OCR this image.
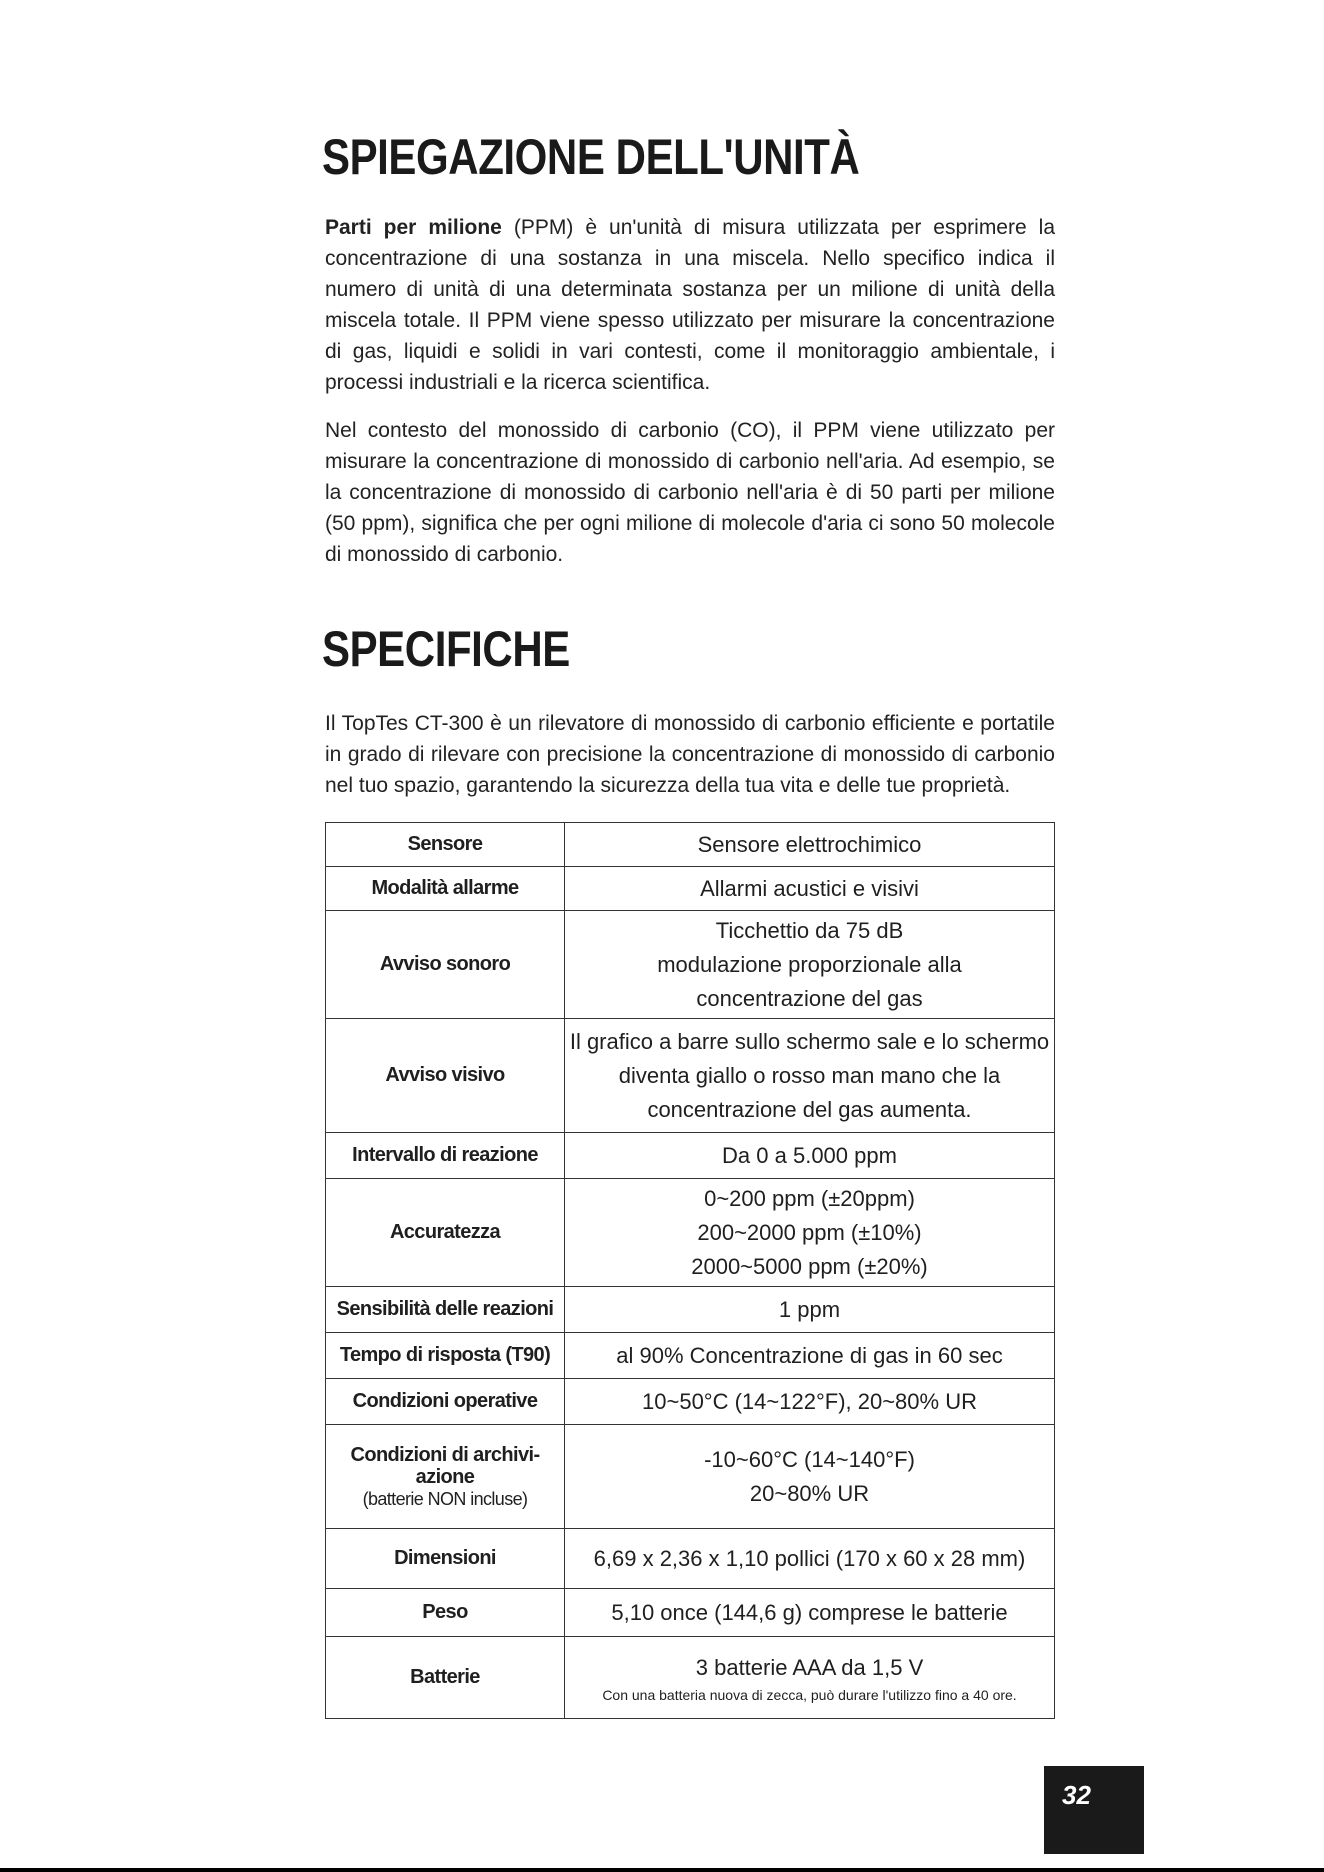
SPIEGAZIONE DELL'UNITÀ

Parti per milione (PPM) è un'unità di misura utilizzata per esprimere la concentrazione di una sostanza in una miscela. Nello specifico indica il numero di unità di una determinata sostanza per un milione di unità della miscela totale. Il PPM viene spesso utilizzato per misurare la concentrazione di gas, liquidi e solidi in vari contesti, come il monitoraggio ambientale, i processi industriali e la ricerca scientifica.

Nel contesto del monossido di carbonio (CO), il PPM viene utilizzato per misurare la concentrazione di monossido di carbonio nell'aria. Ad esempio, se la concentrazione di monossido di carbonio nell'aria è di 50 parti per milione (50 ppm), significa che per ogni milione di molecole d'aria ci sono 50 molecole di monossido di carbonio.

SPECIFICHE

Il TopTes CT-300 è un rilevatore di monossido di carbonio efficiente e portatile in grado di rilevare con precisione la concentrazione di monossido di carbonio nel tuo spazio, garantendo la sicurezza della tua vita e delle tue proprietà.

Sensore	Sensore elettrochimico
Modalità allarme	Allarmi acustici e visivi
Avviso sonoro	Ticchettio da 75 dB
modulazione proporzionale alla
concentrazione del gas

Avviso visivo	Il grafico a barre sullo schermo sale e lo schermo diventa giallo o rosso man mano che la concentrazione del gas aumenta.
Intervallo di reazione	Da 0 a 5.000 ppm
Accuratezza	0~200 ppm (±20ppm)
200~2000 ppm (±10%)
2000~5000 ppm (±20%)

Sensibilità delle reazioni	1 ppm
Tempo di risposta (T90)	al 90% Concentrazione di gas in 60 sec
Condizioni operative	10~50°C (14~122°F), 20~80% UR

Condizioni di archivi-
azione
(batterie NON incluse)	-10~60°C (14~140°F)
20~80% UR

Dimensioni	6,69 x 2,36 x 1,10 pollici (170 x 60 x 28 mm)
Peso	5,10 once (144,6 g) comprese le batterie
Batterie	3 batterie AAA da 1,5 V
Con una batteria nuova di zecca, può durare l'utilizzo fino a 40 ore.
32
